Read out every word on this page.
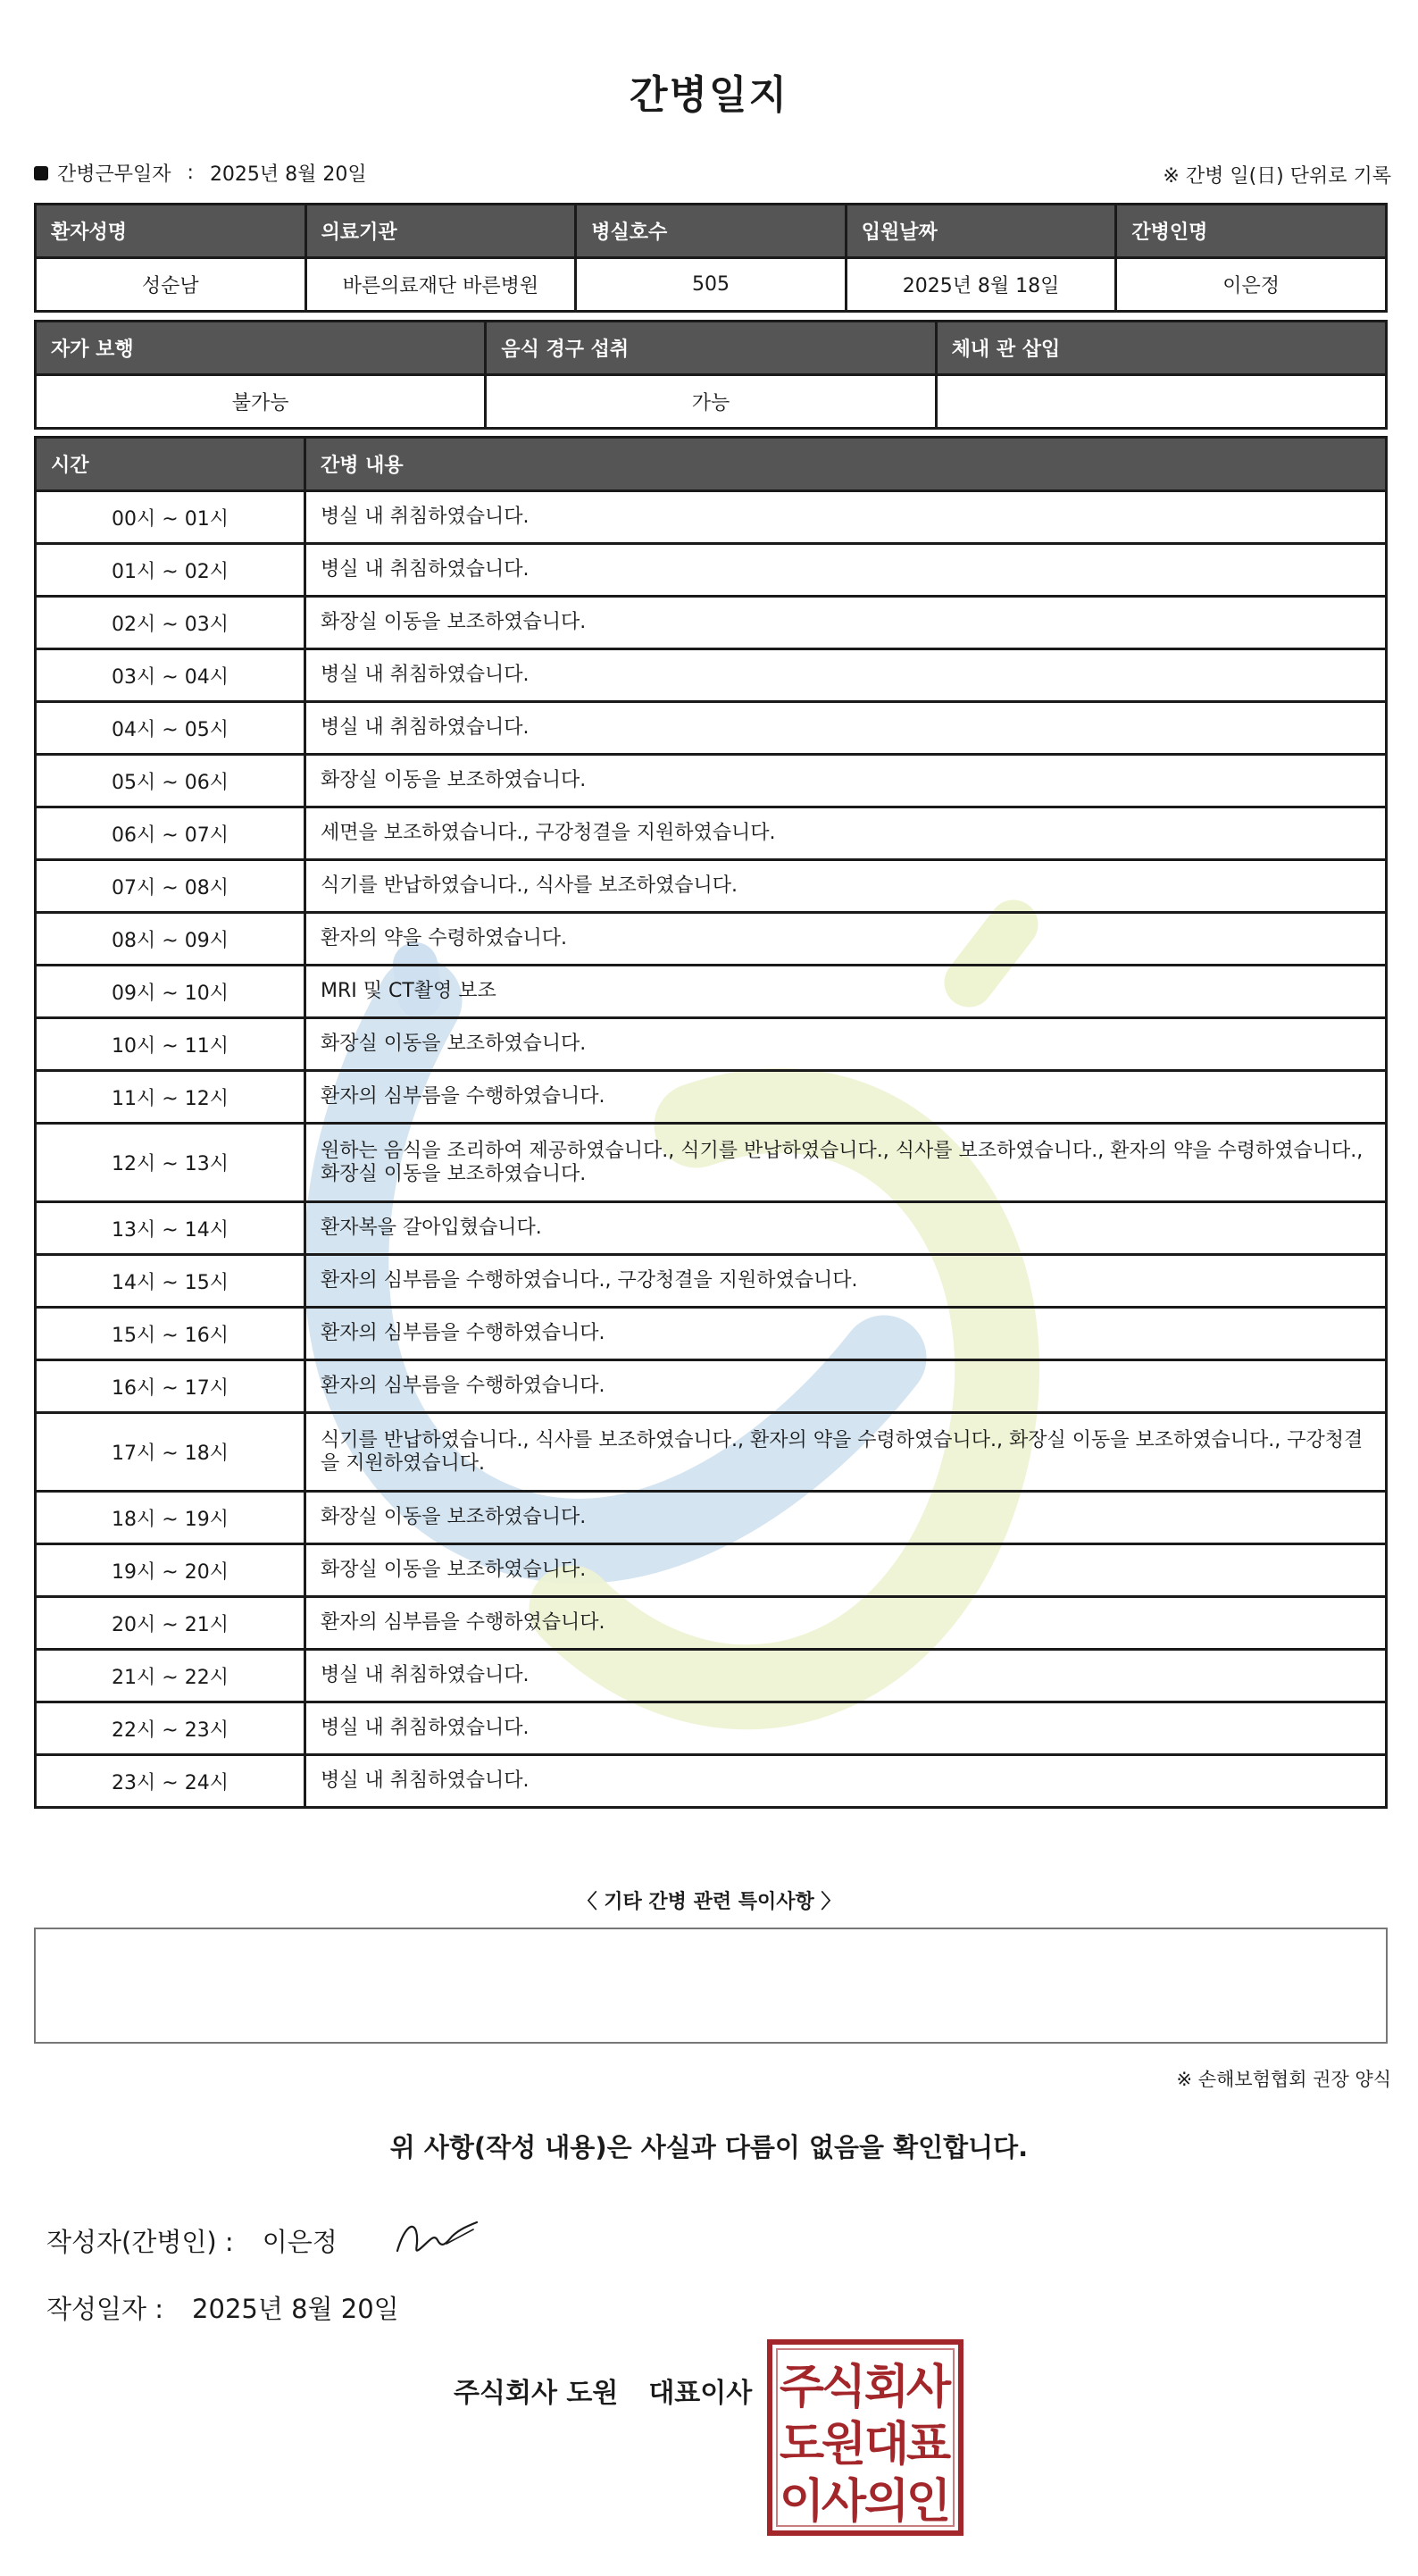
간병일지
간병근무일자 : 2025년 8월 20일	※ 간병 일(日) 단위로 기록
환자성명	의료기관	병실호수	입원날짜	간병인명
성순남	바른의료재단 바른병원	505	2025년 8월 18일	이은정
자가 보행	음식 경구 섭취	체내 관 삽입
불가능	가능	
시간	간병 내용
00시 ~ 01시	병실 내 취침하였습니다.
01시 ~ 02시	병실 내 취침하였습니다.
02시 ~ 03시	화장실 이동을 보조하였습니다.
03시 ~ 04시	병실 내 취침하였습니다.
04시 ~ 05시	병실 내 취침하였습니다.
05시 ~ 06시	화장실 이동을 보조하였습니다.
06시 ~ 07시	세면을 보조하였습니다., 구강청결을 지원하였습니다.
07시 ~ 08시	식기를 반납하였습니다., 식사를 보조하였습니다.
08시 ~ 09시	환자의 약을 수령하였습니다.
09시 ~ 10시	MRI 및 CT촬영 보조
10시 ~ 11시	화장실 이동을 보조하였습니다.
11시 ~ 12시	환자의 심부름을 수행하였습니다.
12시 ~ 13시	원하는 음식을 조리하여 제공하였습니다., 식기를 반납하였습니다., 식사를 보조하였습니다., 환자의 약을 수령하였습니다., 화장실 이동을 보조하였습니다.
13시 ~ 14시	환자복을 갈아입혔습니다.
14시 ~ 15시	환자의 심부름을 수행하였습니다., 구강청결을 지원하였습니다.
15시 ~ 16시	환자의 심부름을 수행하였습니다.
16시 ~ 17시	환자의 심부름을 수행하였습니다.
17시 ~ 18시	식기를 반납하였습니다., 식사를 보조하였습니다., 환자의 약을 수령하였습니다., 화장실 이동을 보조하였습니다., 구강청결을 지원하였습니다.
18시 ~ 19시	화장실 이동을 보조하였습니다.
19시 ~ 20시	화장실 이동을 보조하였습니다.
20시 ~ 21시	환자의 심부름을 수행하였습니다.
21시 ~ 22시	병실 내 취침하였습니다.
22시 ~ 23시	병실 내 취침하였습니다.
23시 ~ 24시	병실 내 취침하였습니다.
〈 기타 간병 관련 특이사항 〉
※ 손해보험협회 권장 양식
위 사항(작성 내용)은 사실과 다름이 없음을 확인합니다.
작성자(간병인) : 이은정
작성일자 : 2025년 8월 20일
주식회사 도원 대표이사 주
식
회
사
도
원
대
표
이
사
의
인
